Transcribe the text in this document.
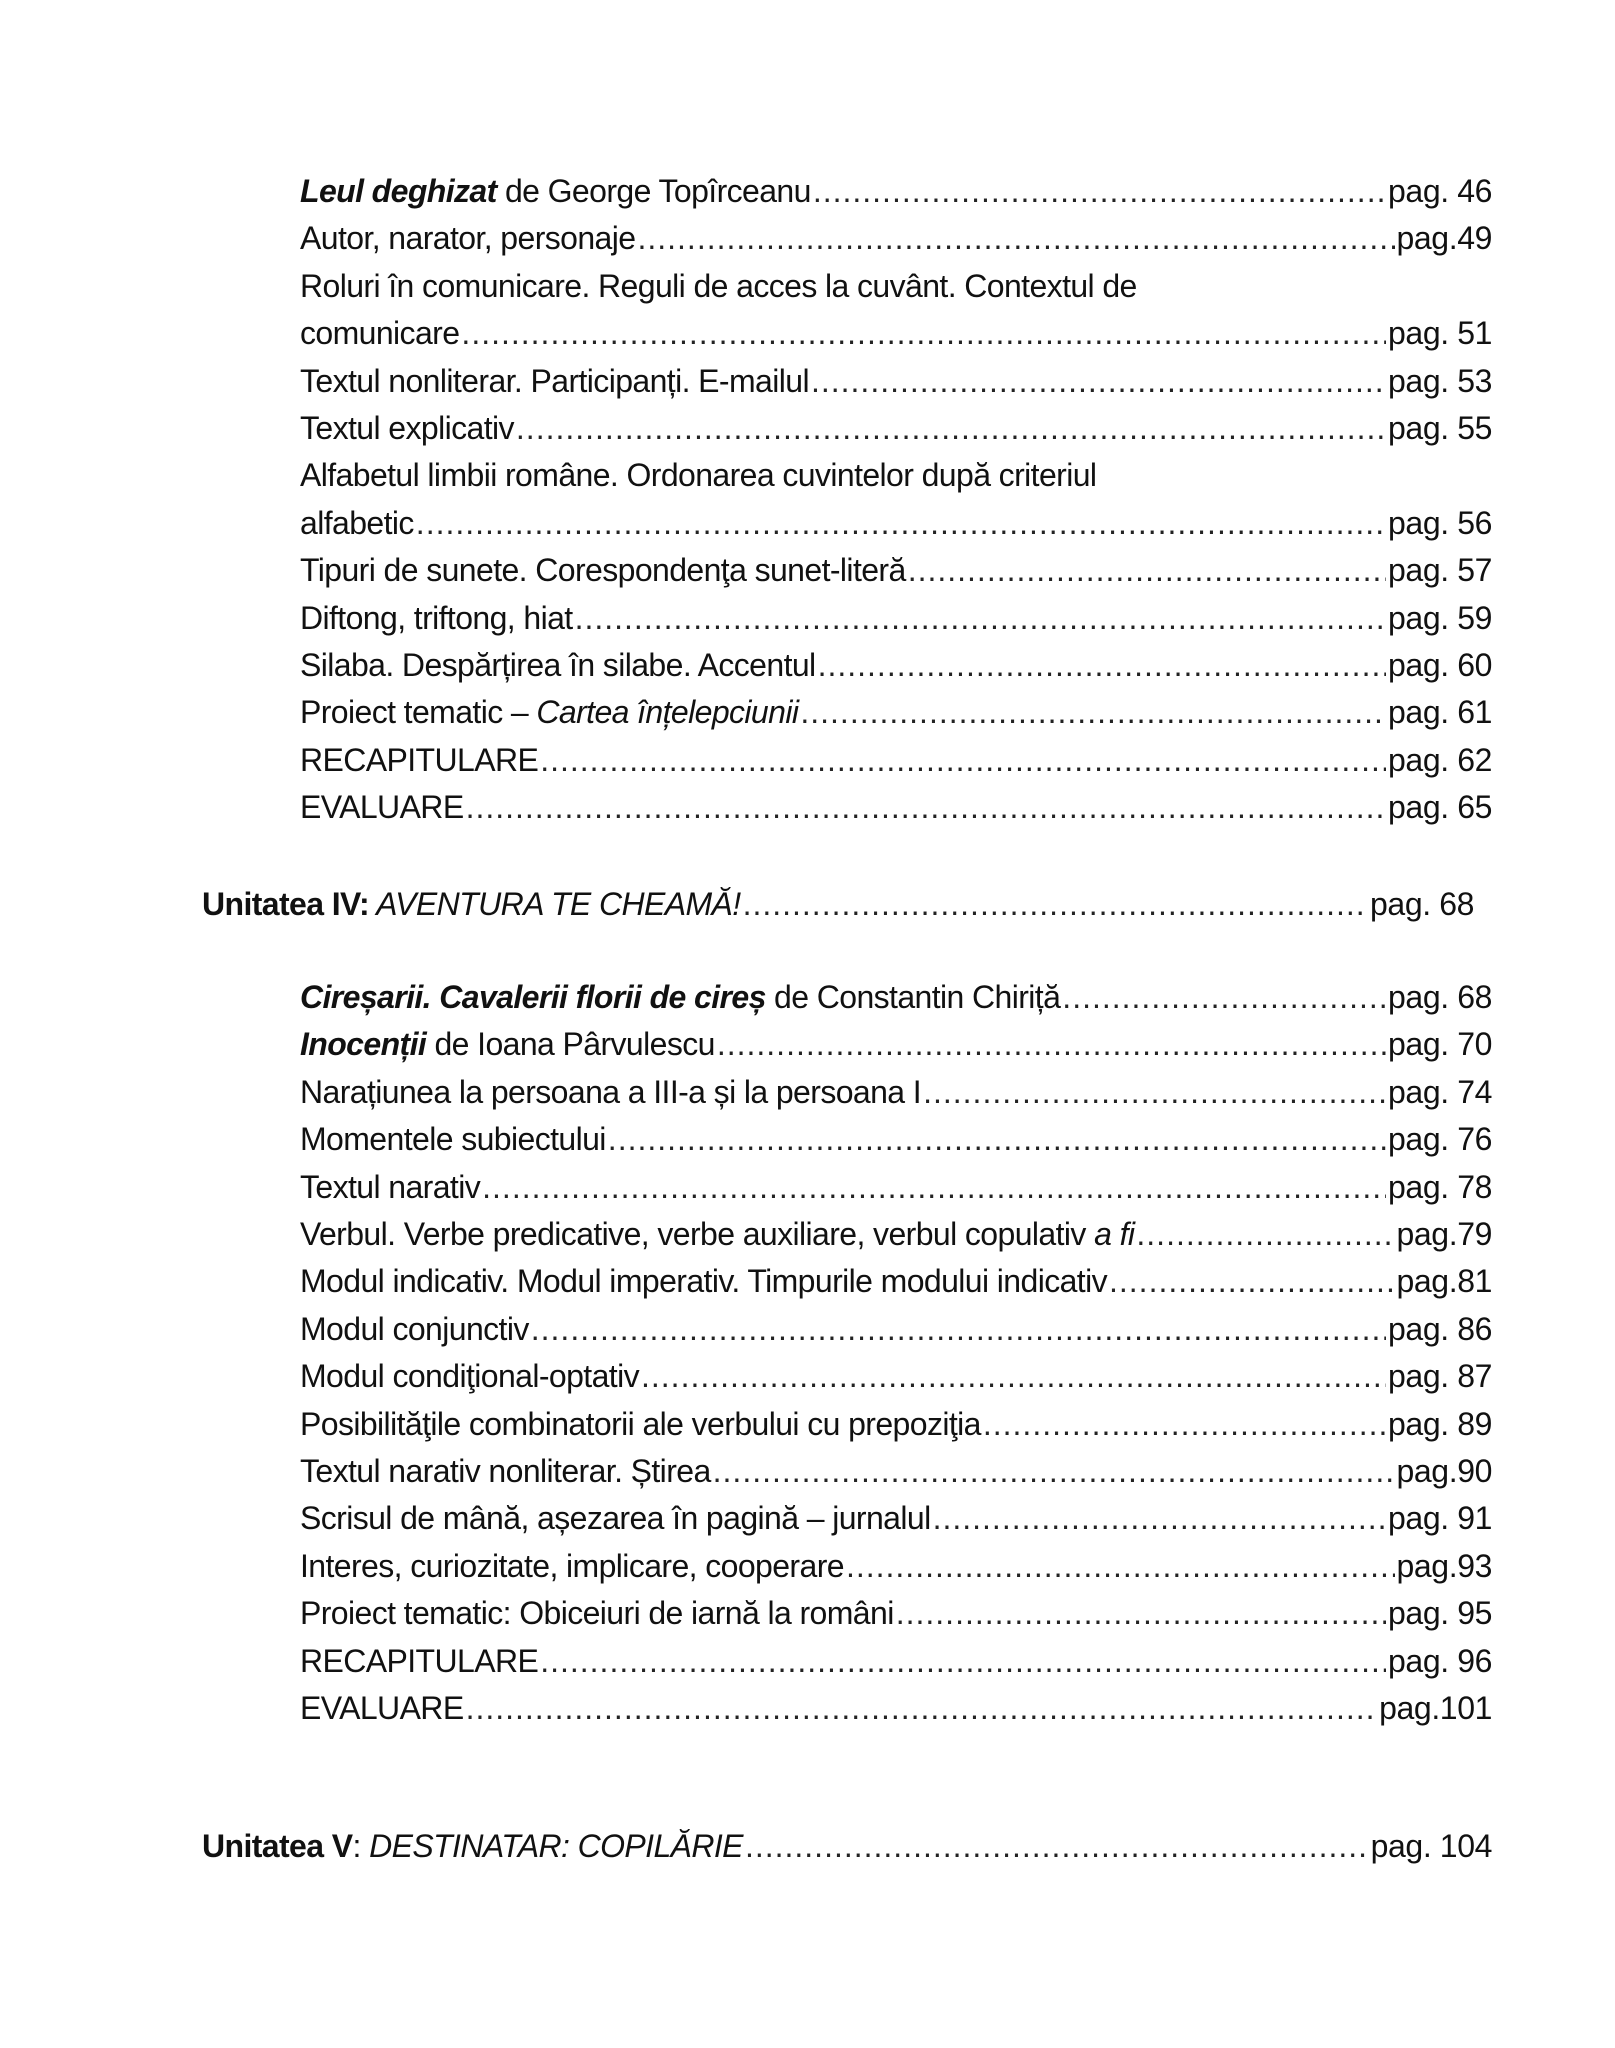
Leul deghizat de George Topîrceanu .....	pag. 46
Autor, narator, personaje .....	pag.49
Roluri în comunicare. Reguli de acces la cuvânt. Contextul de
comunicare .....	pag. 51
Textul nonliterar. Participanți. E-mailul .....	pag. 53
Textul explicativ .....	pag. 55
Alfabetul limbii române. Ordonarea cuvintelor după criteriul
alfabetic .....	pag. 56
Tipuri de sunete. Corespondenţa sunet-literă .....	pag. 57
Diftong, triftong, hiat .....	pag. 59
Silaba. Despărțirea în silabe. Accentul .....	pag. 60
Proiect tematic – Cartea înțelepciunii .....	pag. 61
RECAPITULARE .....	pag. 62
EVALUARE .....	pag. 65
Unitatea IV: AVENTURA TE CHEAMĂ! .....	pag. 68
Cireșarii. Cavalerii florii de cireș de Constantin Chiriță .....	pag. 68
Inocenții de Ioana Pârvulescu .....	pag. 70
Narațiunea la persoana a III-a și la persoana I .....	pag. 74
Momentele subiectului .....	pag. 76
Textul narativ .....	pag. 78
Verbul. Verbe predicative, verbe auxiliare, verbul copulativ a fi .....	pag.79
Modul indicativ. Modul imperativ. Timpurile modului indicativ .....	pag.81
Modul conjunctiv .....	pag. 86
Modul condiţional-optativ .....	pag. 87
Posibilităţile combinatorii ale verbului cu prepoziţia .....	pag. 89
Textul narativ nonliterar. Știrea .....	pag.90
Scrisul de mână, așezarea în pagină – jurnalul .....	pag. 91
Interes, curiozitate, implicare, cooperare .....	pag.93
Proiect tematic: Obiceiuri de iarnă la români .....	pag. 95
RECAPITULARE .....	pag. 96
EVALUARE .....	pag.101
Unitatea V: DESTINATAR: COPILĂRIE .....	pag. 104
